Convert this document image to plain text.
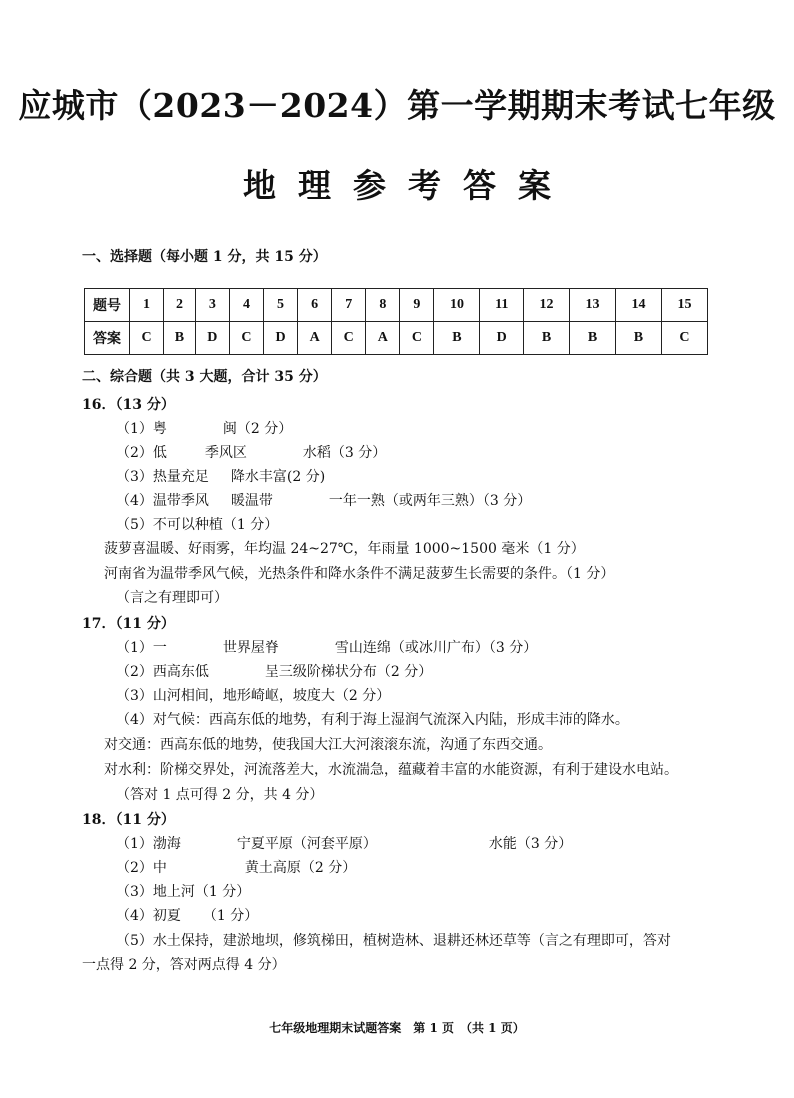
应城市（2023－2024）第一学期期末考试七年级
地理参考答案
一、选择题（每小题 1 分，共 15 分）
题号	1	2	3	4	5	6	7	8	9	10	11	12	13	14	15
答案	C	B	D	C	D	A	C	A	C	B	D	B	B	B	C
二、综合题（共 3 大题，合计 35 分）
16．（13 分）
（1）粤	闽（2 分）
（2）低	季风区	水稻（3 分）
（3）热量充足 降水丰富(2 分)
（4）温带季风 暖温带	一年一熟（或两年三熟）（3 分）
（5）不可以种植（1 分）
菠萝喜温暖、好雨雾，年均温 24~27℃，年雨量 1000~1500 毫米（1 分）
河南省为温带季风气候，光热条件和降水条件不满足菠萝生长需要的条件。（1 分）
（言之有理即可）
17．（11 分）
（1）一	世界屋脊	雪山连绵（或冰川广布）（3 分）
（2）西高东低	呈三级阶梯状分布（2 分）
（3）山河相间，地形崎岖，坡度大（2 分）
（4）对气候：西高东低的地势，有利于海上湿润气流深入内陆，形成丰沛的降水。
对交通：西高东低的地势，使我国大江大河滚滚东流，沟通了东西交通。
对水利：阶梯交界处，河流落差大，水流湍急，蕴藏着丰富的水能资源，有利于建设水电站。
（答对 1 点可得 2 分，共 4 分）
18．（11 分）
（1）渤海	宁夏平原（河套平原）	水能（3 分）
（2）中	黄土高原（2 分）
（3）地上河（1 分）
（4）初夏 （1 分）
（5）水土保持，建淤地坝，修筑梯田，植树造林、退耕还林还草等（言之有理即可，答对
一点得 2 分，答对两点得 4 分）
七年级地理期末试题答案　第 1 页　（共 1 页）
